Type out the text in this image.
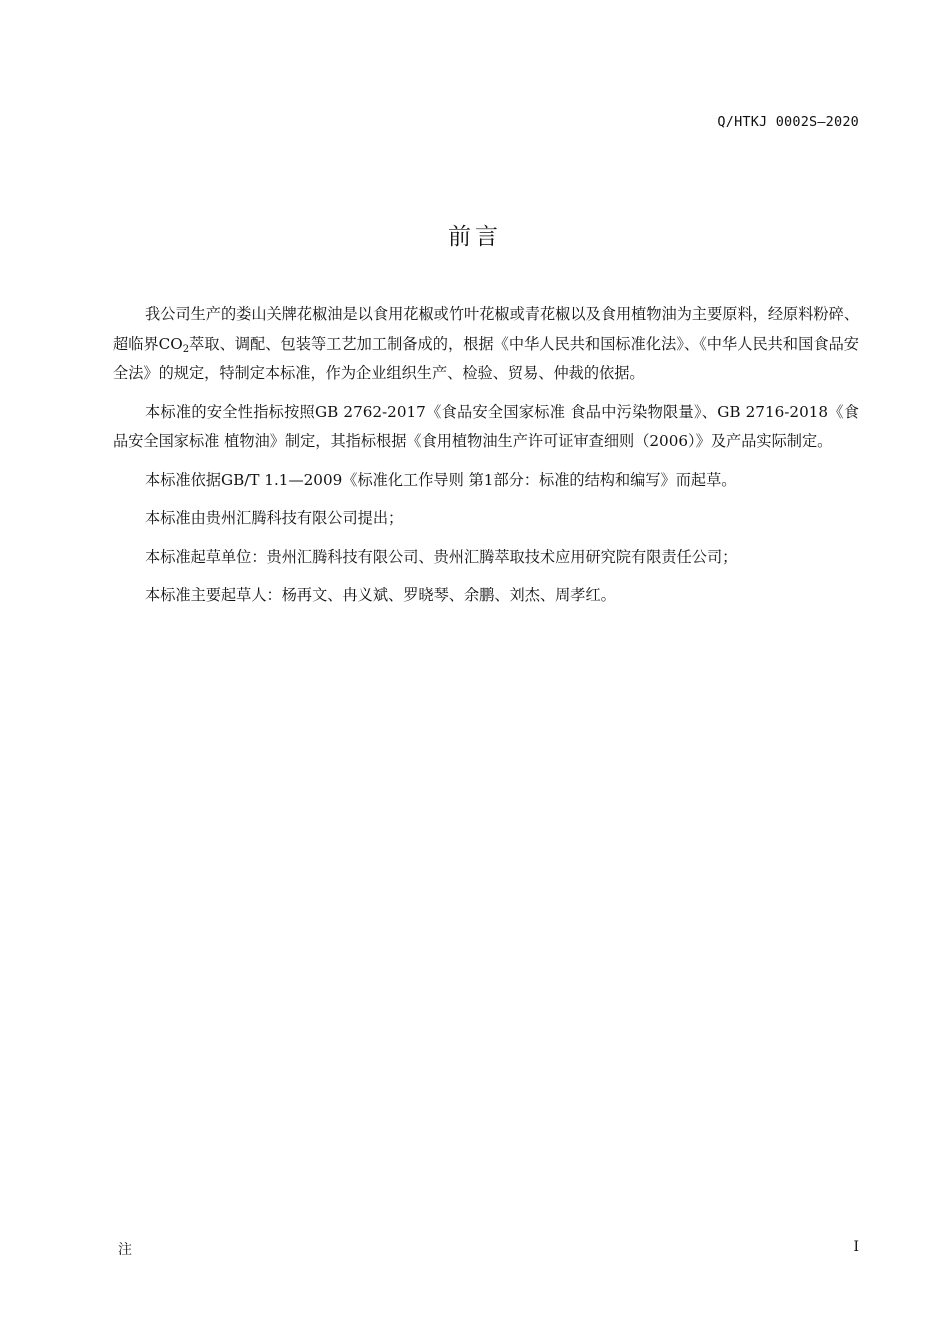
Q/HTKJ 0002S—2020
前言

我公司生产的娄山关牌花椒油是以食用花椒或竹叶花椒或青花椒以及食用植物油为主要原料，经原料粉碎、超临界$CO_2$萃取、调配、包装等工艺加工制备成的，根据《中华人民共和国标准化法》、《中华人民共和国食品安全法》的规定，特制定本标准，作为企业组织生产、检验、贸易、仲裁的依据。

本标准的安全性指标按照GB 2762-2017《食品安全国家标准 食品中污染物限量》、GB 2716-2018《食品安全国家标准 植物油》制定，其指标根据《食用植物油生产许可证审查细则（2006）》及产品实际制定。

本标准依据GB/T 1.1—2009《标准化工作导则 第1部分：标准的结构和编写》而起草。

本标准由贵州汇腾科技有限公司提出；

本标准起草单位：贵州汇腾科技有限公司、贵州汇腾萃取技术应用研究院有限责任公司；

本标准主要起草人：杨再文、冉义斌、罗晓琴、余鹏、刘杰、周孝红。

注	I
